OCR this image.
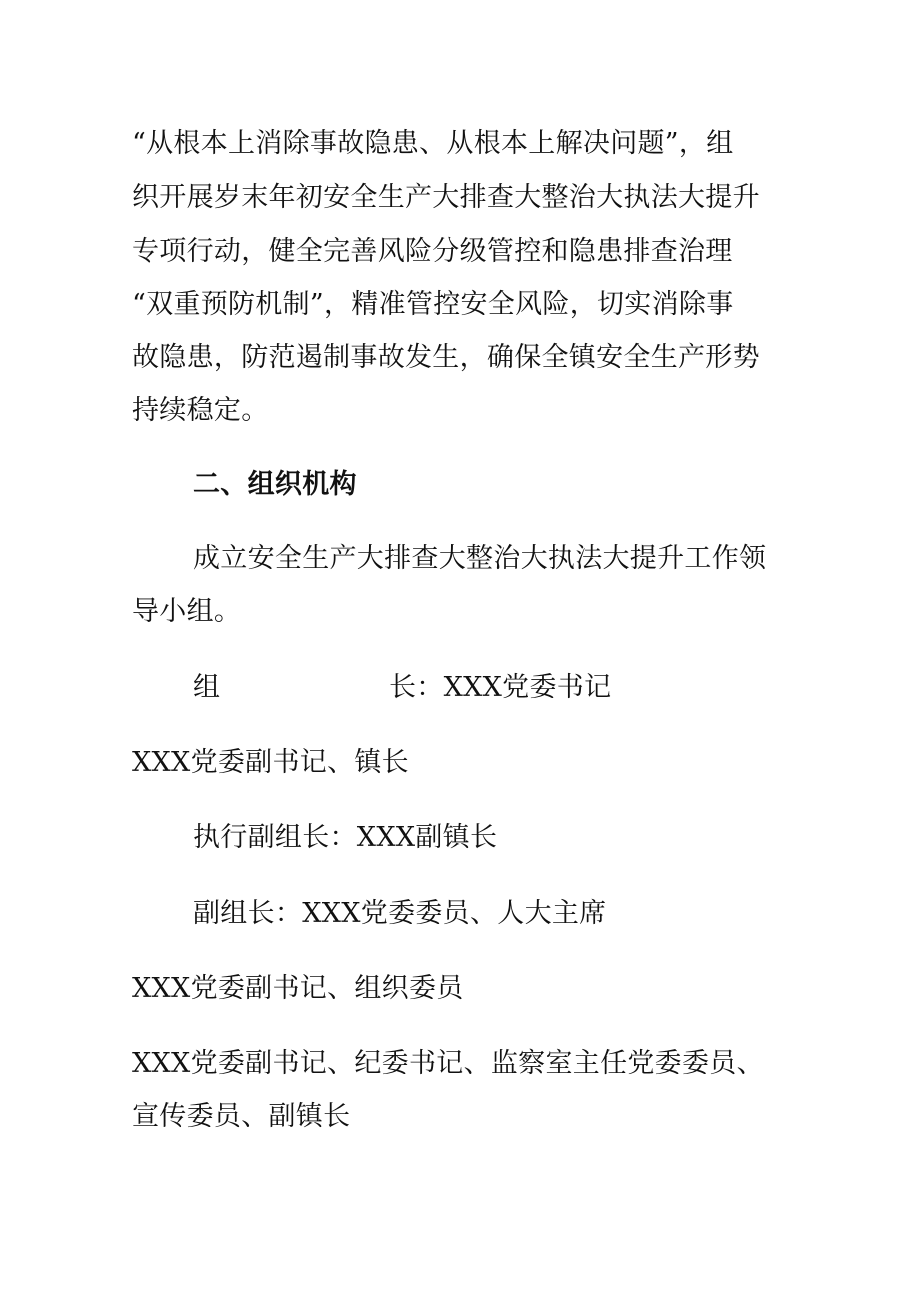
“从根本上消除事故隐患、从根本上解决问题”，组
织开展岁末年初安全生产大排查大整治大执法大提升
专项行动，健全完善风险分级管控和隐患排查治理
“双重预防机制”，精准管控安全风险，切实消除事
故隐患，防范遏制事故发生，确保全镇安全生产形势
持续稳定。
二、组织机构
成立安全生产大排查大整治大执法大提升工作领
导小组。
组	长：XXX党委书记
XXX党委副书记、镇长
执行副组长：XXX副镇长
副组长：XXX党委委员、人大主席
XXX党委副书记、组织委员
XXX党委副书记、纪委书记、监察室主任党委委员、
宣传委员、副镇长
